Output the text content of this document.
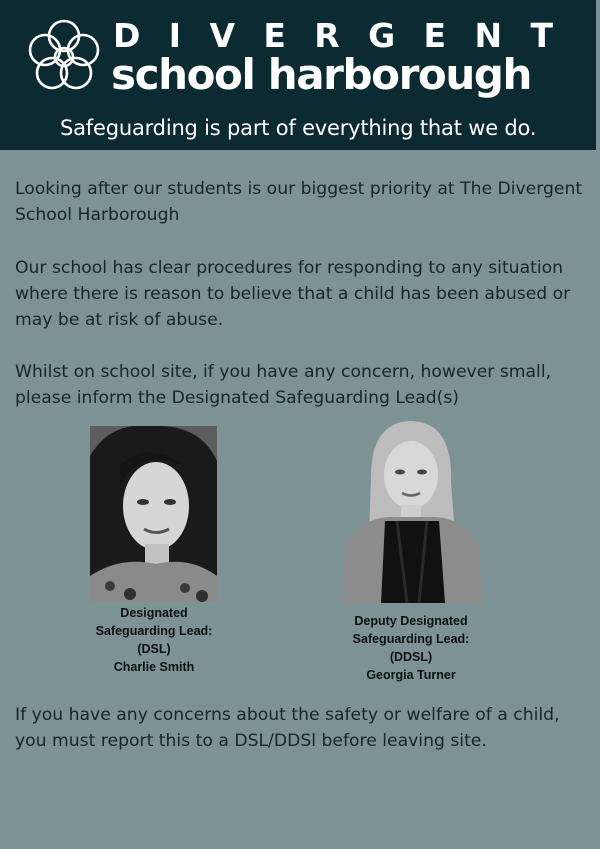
D I V E R G E N T
school harborough
Safeguarding is part of everything that we do.

Looking after our students is our biggest priority at The Divergent School Harborough

Our school has clear procedures for responding to any situation where there is reason to believe that a child has been abused or may be at risk of abuse.

Whilst on school site, if you have any concern, however small, please inform the Designated Safeguarding Lead(s)

Designated
Safeguarding Lead:
(DSL)
Charlie Smith
Deputy Designated
Safeguarding Lead:
(DDSL)
Georgia Turner

If you have any concerns about the safety or welfare of a child, you must report this to a DSL/DDSl before leaving site.
